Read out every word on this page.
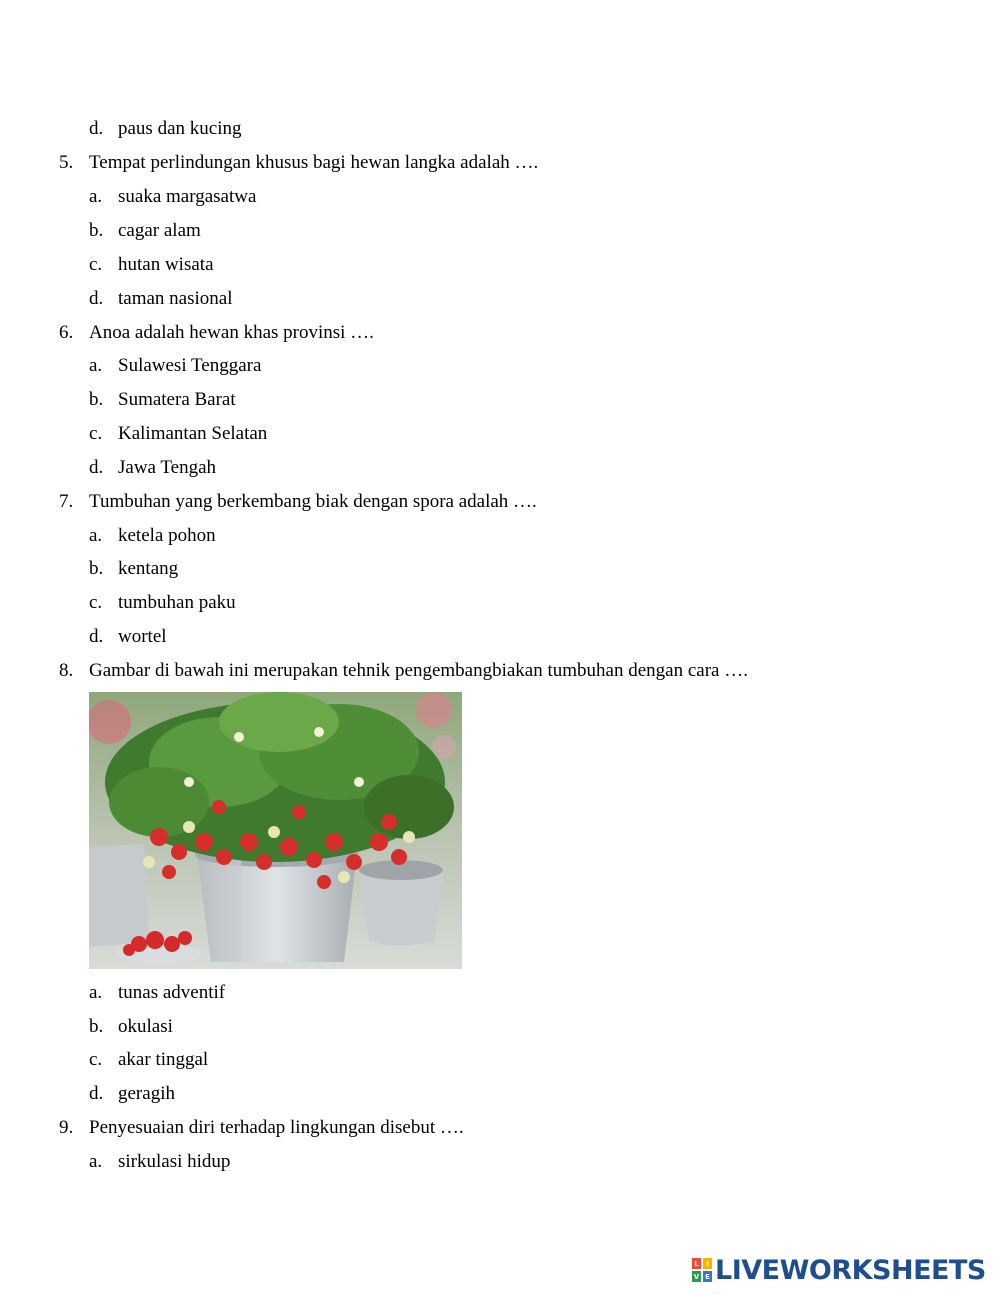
d. paus dan kucing
5. Tempat perlindungan khusus bagi hewan langka adalah ….
a. suaka margasatwa
b. cagar alam
c. hutan wisata
d. taman nasional
6. Anoa adalah hewan khas provinsi ….
a. Sulawesi Tenggara
b. Sumatera Barat
c. Kalimantan Selatan
d. Jawa Tengah
7. Tumbuhan yang berkembang biak dengan spora adalah ….
a. ketela pohon
b. kentang
c. tumbuhan paku
d. wortel
8. Gambar di bawah ini merupakan tehnik pengembangbiakan tumbuhan dengan cara ….
a. tunas adventif
b. okulasi
c. akar tinggal
d. geragih
9. Penyesuaian diri terhadap lingkungan disebut ….
a. sirkulasi hidup
L	I
V E LIVEWORKSHEETS
